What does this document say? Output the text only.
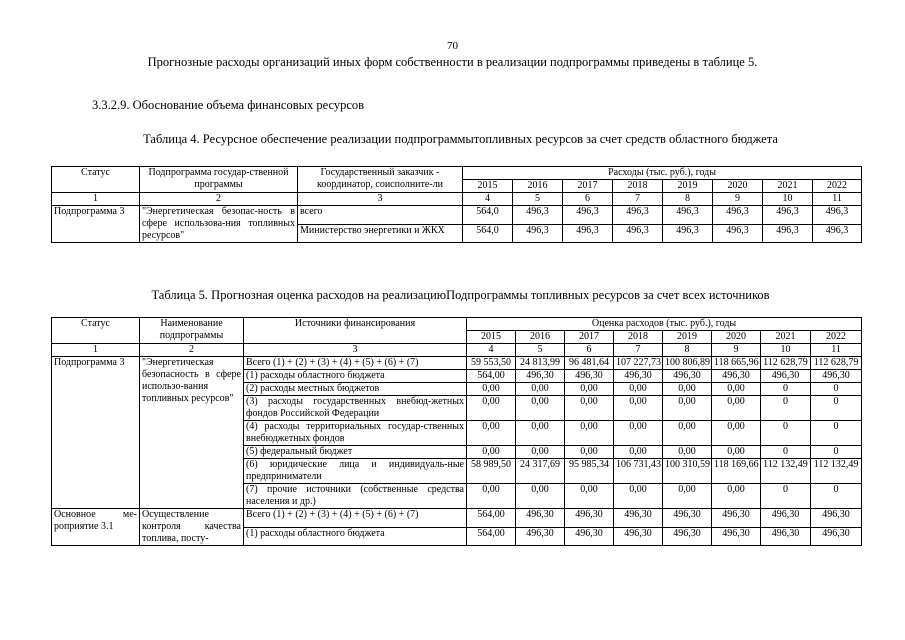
70
Прогнозные расходы организаций иных форм собственности в реализации подпрограммы приведены в таблице 5.
3.3.2.9. Обоснование объема финансовых ресурсов
Таблица 4. Ресурсное обеспечение реализации подпрограммытопливных ресурсов за счет средств областного бюджета
Статус	Подпрограмма государ-ственной программы	Государственный заказчик - координатор, соисполните-ли	Расходы (тыс. руб.), годы							
			2015	2016	2017	2018	2019	2020	2021	2022
1	2	3	4	5	6	7	8	9	10	11
Подпрограмма 3	"Энергетическая безопас-ность в сфере использова-ния топливных ресурсов"	всего	564,0	496,3	496,3	496,3	496,3	496,3	496,3	496,3
		Министерство энергетики и ЖКХ	564,0	496,3	496,3	496,3	496,3	496,3	496,3	496,3
Таблица 5. Прогнозная оценка расходов на реализациюПодпрограммы топливных ресурсов за счет всех источников
Статус	Наименование подпрограммы	Источники финансирования	Оценка расходов (тыс. руб.), годы							
			2015	2016	2017	2018	2019	2020	2021	2022
1	2	3	4	5	6	7	8	9	10	11
Подпрограмма 3	"Энергетическая безопасность в сфере использо-вания топливных ресурсов"	Всего (1) + (2) + (3) + (4) + (5) + (6) + (7)	59 553,50	24 813,99	96 481,64	107 227,73	100 806,89	118 665,96	112 628,79	112 628,79
		(1) расходы областного бюджета	564,00	496,30	496,30	496,30	496,30	496,30	496,30	496,30
		(2) расходы местных бюджетов	0,00	0,00	0,00	0,00	0,00	0,00	0	0
		(3) расходы государственных внебюд-жетных фондов Российской Федерации	0,00	0,00	0,00	0,00	0,00	0,00	0	0
		(4) расходы территориальных государ-ственных внебюджетных фондов	0,00	0,00	0,00	0,00	0,00	0,00	0	0
		(5) федеральный бюджет	0,00	0,00	0,00	0,00	0,00	0,00	0	0
		(6) юридические лица и индивидуаль-ные предприниматели	58 989,50	24 317,69	95 985,34	106 731,43	100 310,59	118 169,66	112 132,49	112 132,49
		(7) прочие источники (собственные средства населения и др.)	0,00	0,00	0,00	0,00	0,00	0,00	0	0
Основное ме-роприятие 3.1	Осуществление контроля качества топлива, посту-	Всего (1) + (2) + (3) + (4) + (5) + (6) + (7)	564,00	496,30	496,30	496,30	496,30	496,30	496,30	496,30
		(1) расходы областного бюджета	564,00	496,30	496,30	496,30	496,30	496,30	496,30	496,30
